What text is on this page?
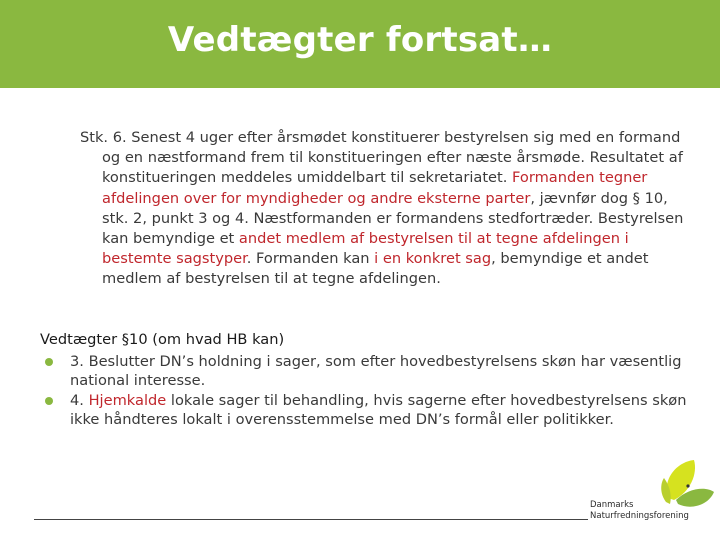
Vedtægter fortsat…

Stk. 6. Senest 4 uger efter årsmødet konstituerer bestyrelsen sig med en formand og en næstformand frem til konstitueringen efter næste årsmøde. Resultatet af konstitueringen meddeles umiddelbart til sekretariatet. Formanden tegner afdelingen over for myndigheder og andre eksterne parter, jævnfør dog § 10, stk. 2, punkt 3 og 4. Næstformanden er formandens stedfortræder. Bestyrelsen kan bemyndige et andet medlem af bestyrelsen til at tegne afdelingen i bestemte sagstyper. Formanden kan i en konkret sag, bemyndige et andet medlem af bestyrelsen til at tegne afdelingen.

Vedtægter §10 (om hvad HB kan)

3. Beslutter DN’s holdning i sager, som efter hovedbestyrelsens skøn har væsentlig national interesse.
4. Hjemkalde lokale sager til behandling, hvis sagerne efter hovedbestyrelsens skøn ikke håndteres lokalt i overensstemmelse med DN’s formål eller politikker.
Danmarks
Naturfredningsforening
